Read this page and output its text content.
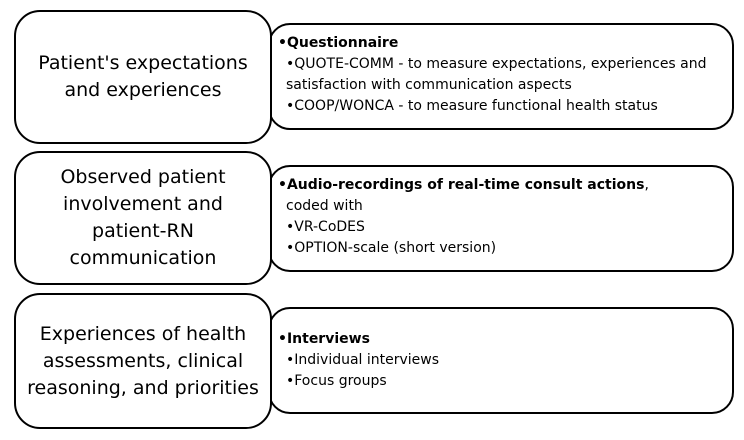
Patient's expectations and experiences
•Questionnaire
•QUOTE-COMM - to measure expectations, experiences and satisfaction with communication aspects
•COOP/WONCA - to measure functional health status
Observed patient involvement and patient-RN communication
•Audio-recordings of real-time consult actions,
coded with
•VR-CoDES
•OPTION-scale (short version)
Experiences of health assessments, clinical reasoning, and priorities
•Interviews
•Individual interviews
•Focus groups
